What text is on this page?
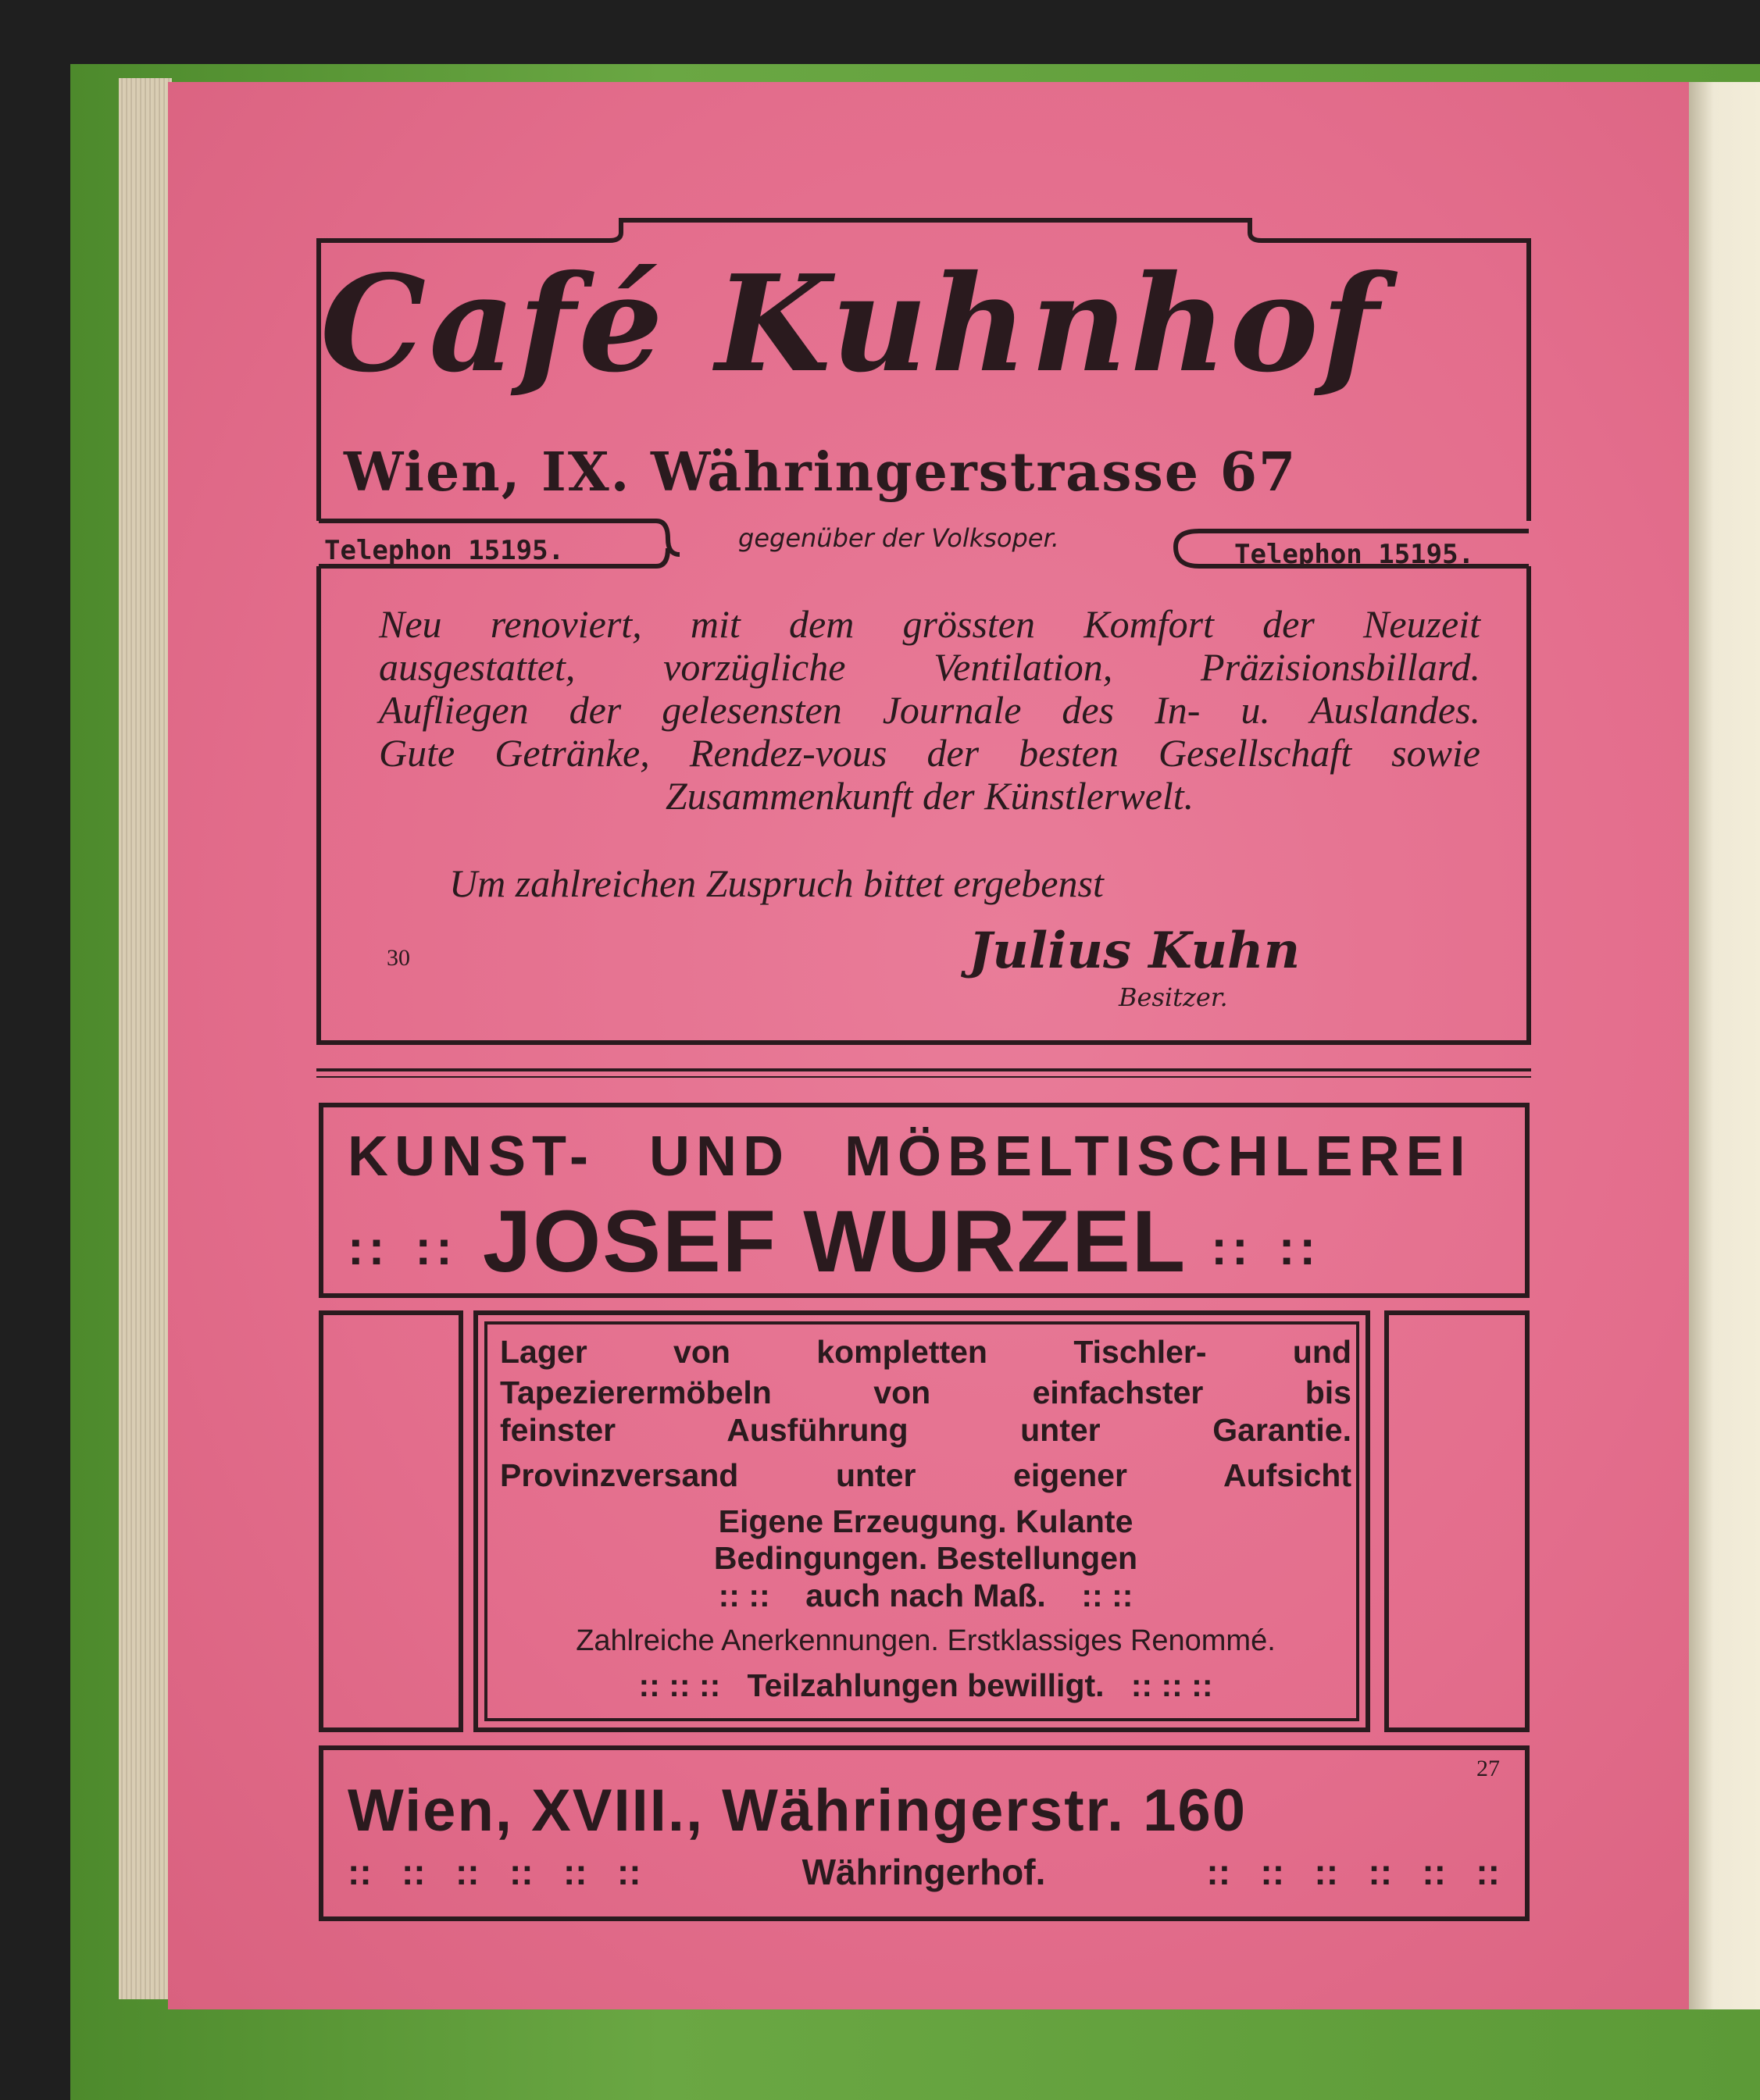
Café Kuhnhof
Wien, IX. Währingerstrasse 67
Telephon 15195.	gegenüber der Volksoper.
Telephon 15195.
Neu renoviert, mit dem grössten Komfort der Neuzeit
ausgestattet, vorzügliche Ventilation, Präzisionsbillard.
Aufliegen der gelesensten Journale des In- u. Auslandes.
Gute Getränke, Rendez-vous der besten Gesellschaft sowie
Zusammenkunft der Künstlerwelt.
Um zahlreichen Zuspruch bittet ergebenst
30	Julius Kuhn
Besitzer.
KUNST- UND MÖBELTISCHLEREI
:: :: JOSEF WURZEL :: ::
Lager von kompletten Tischler- und
Tapezierermöbeln von einfachster bis
feinster Ausführung unter Garantie.
Provinzversand unter eigener Aufsicht
Eigene Erzeugung. Kulante
Bedingungen. Bestellungen
:: :: auch nach Maß. :: ::
Zahlreiche Anerkennungen. Erstklassiges Renommé.
:: :: :: Teilzahlungen bewilligt. :: :: ::
27
Wien, XVIII., Währingerstr. 160
:: :: :: :: :: ::	Währingerhof.	:: :: :: :: :: ::
